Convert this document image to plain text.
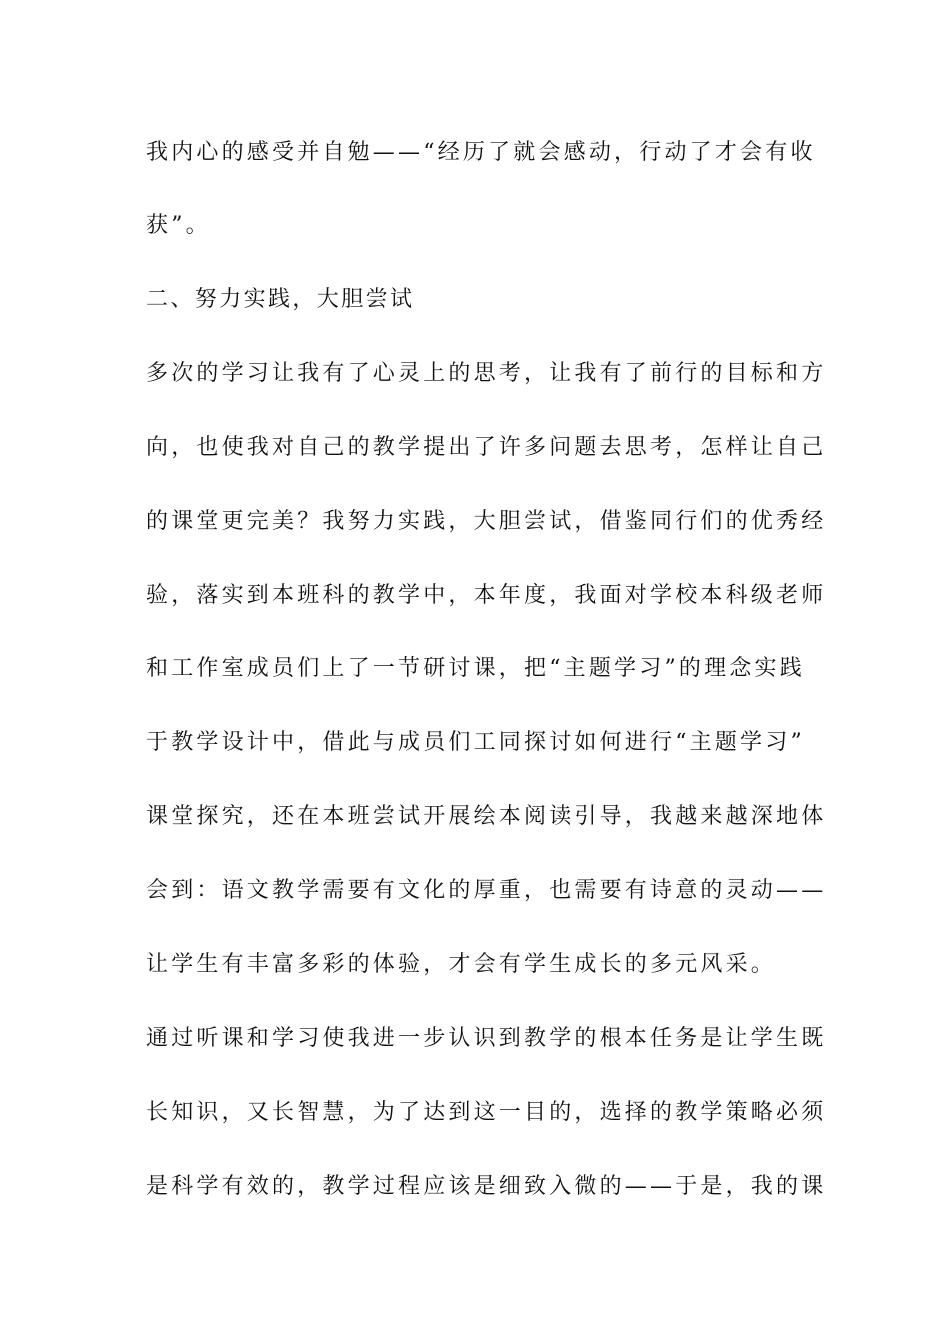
我内心的感受并自勉——“经历了就会感动，行动了才会有收
获”。
二、努力实践，大胆尝试
多次的学习让我有了心灵上的思考，让我有了前行的目标和方
向，也使我对自己的教学提出了许多问题去思考，怎样让自己
的课堂更完美？我努力实践，大胆尝试，借鉴同行们的优秀经
验，落实到本班科的教学中，本年度，我面对学校本科级老师
和工作室成员们上了一节研讨课，把“主题学习”的理念实践
于教学设计中，借此与成员们工同探讨如何进行“主题学习”
课堂探究，还在本班尝试开展绘本阅读引导，我越来越深地体
会到：语文教学需要有文化的厚重，也需要有诗意的灵动——
让学生有丰富多彩的体验，才会有学生成长的多元风采。
通过听课和学习使我进一步认识到教学的根本任务是让学生既
长知识，又长智慧，为了达到这一目的，选择的教学策略必须
是科学有效的，教学过程应该是细致入微的——于是，我的课
